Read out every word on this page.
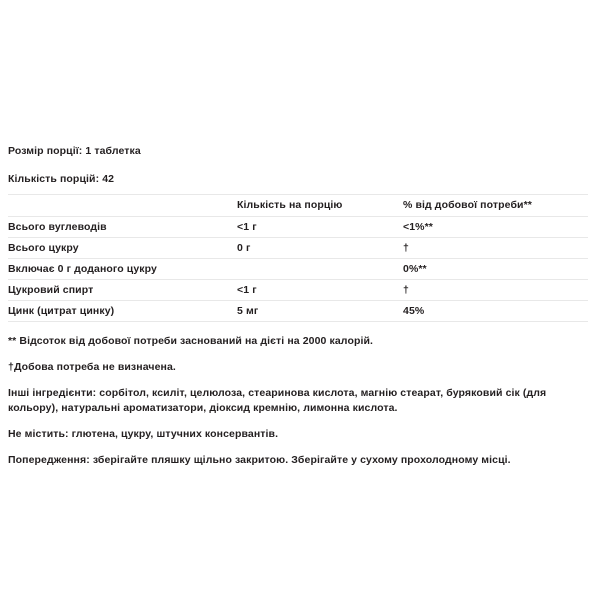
Розмір порції: 1 таблетка
Кількість порцій: 42
	Кількість на порцію	% від добової потреби**
Всього вуглеводів	<1 г	<1%**
Всього цукру	0 г	†
Включає 0 г доданого цукру		0%**
Цукровий спирт	<1 г	†
Цинк (цитрат цинку)	5 мг	45%

** Відсоток від добової потреби заснований на дієті на 2000 калорій.

†Добова потреба не визначена.

Інші інгредієнти: сорбітол, ксиліт, целюлоза, стеаринова кислота, магнію стеарат, буряковий сік (для кольору), натуральні ароматизатори, діоксид кремнію, лимонна кислота.

Не містить: глютена, цукру, штучних консервантів.

Попередження: зберігайте пляшку щільно закритою. Зберігайте у сухому прохолодному місці.
